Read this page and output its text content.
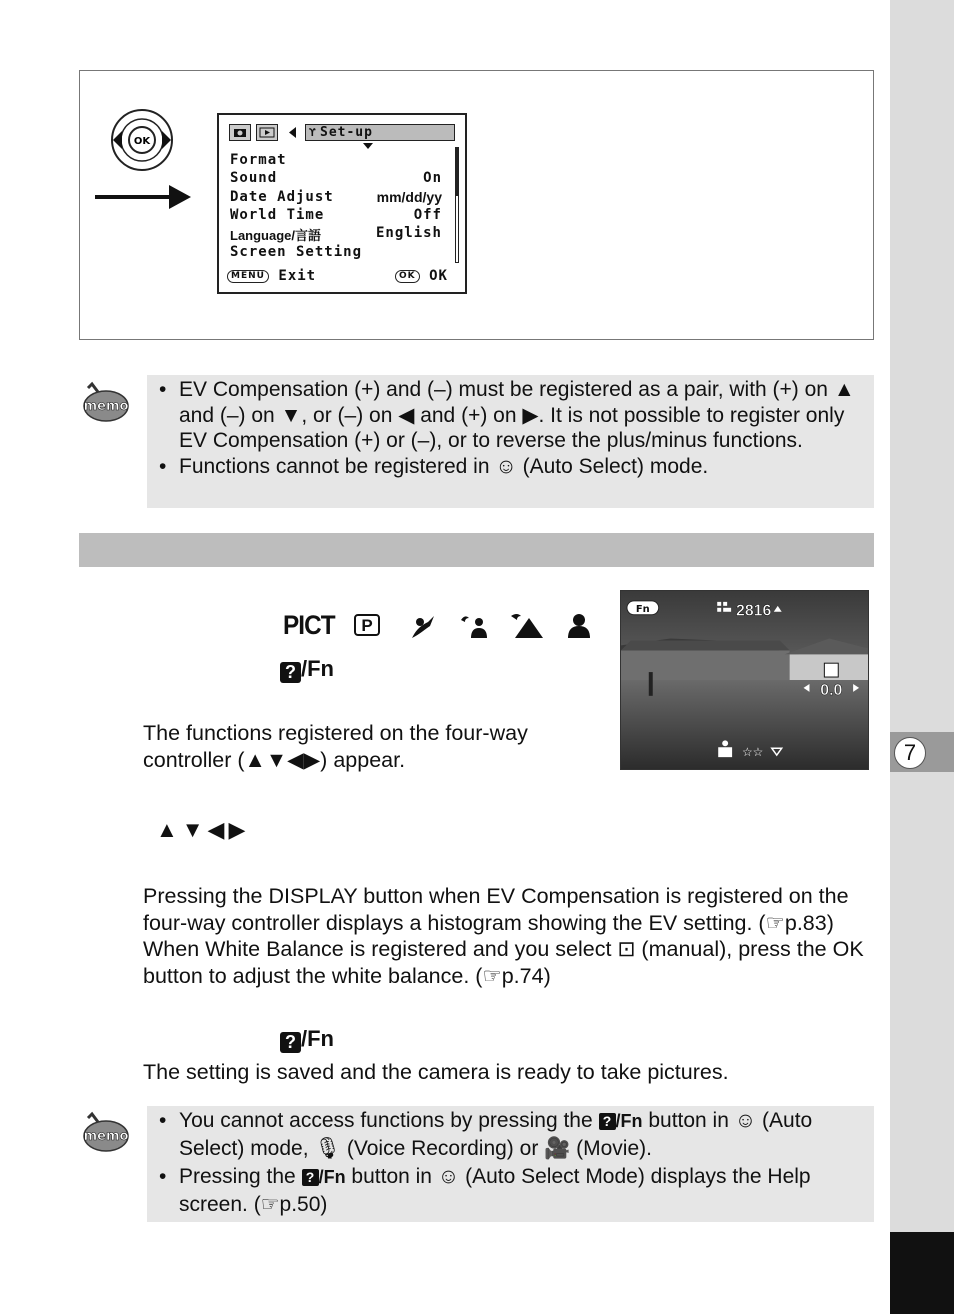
7
OK
ϒ Set-up
Format
Sound	On
Date Adjust	mm/dd/yy
World Time	Off
Language/言語	English
Screen Setting
MENU Exit	OK OK
memo
• EV Compensation (+) and (–) must be registered as a pair, with (+) on ▲ and (–) on ▼, or (–) on ◀ and (+) on ▶. It is not possible to register only EV Compensation (+) or (–), or to reverse the plus/minus functions.
• Functions cannot be registered in ☺ (Auto Select) mode.
PICT	P
? /Fn
Fn	2816
0.0
☆☆
The functions registered on the four-way controller (▲▼◀▶) appear.
▲▼◀▶
Pressing the DISPLAY button when EV Compensation is registered on the four-way controller displays a histogram showing the EV setting. (☞p.83)
When White Balance is registered and you select ⊡ (manual), press the OK button to adjust the white balance. (☞p.74)
? /Fn
The setting is saved and the camera is ready to take pictures.
memo
• You cannot access functions by pressing the ? /Fn button in ☺ (Auto Select) mode, 🎙 (Voice Recording) or 🎥 (Movie).
• Pressing the ? /Fn button in ☺ (Auto Select Mode) displays the Help screen. (☞p.50)
